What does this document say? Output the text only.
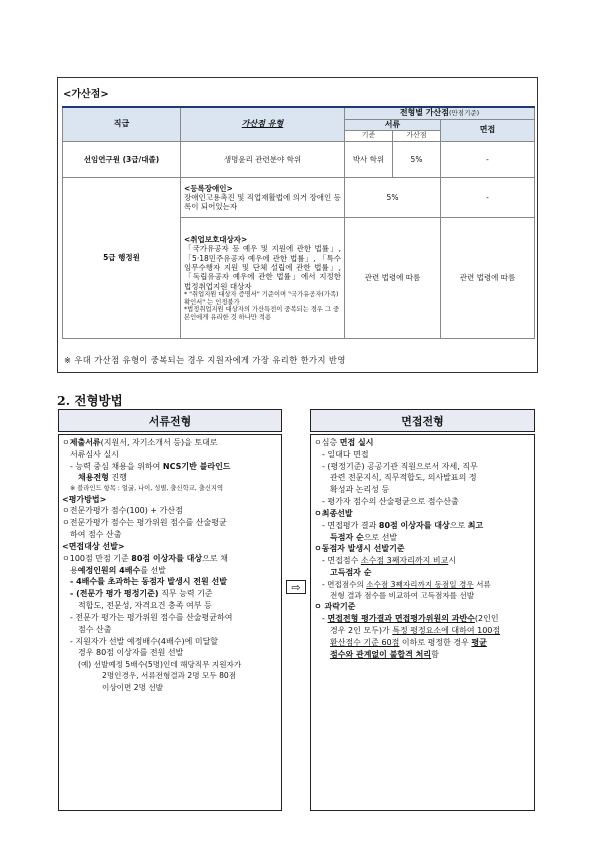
<가산점>
직급	가산점 유형	전형별 가산점(만점기준)		
		서류		면접
		기준	가산점	
선임연구원 (3급/대졸)	생명윤리 관련분야 학위	박사 학위	5%	-
5급 행정원	<등록장애인>
장애인고용촉진 및 직업재활법에 의거 장애인 등록이 되어있는자	5%		-

	<취업보호대상자>
「국가유공자 등 예우 및 지원에 관한 법률」, 「5·18민주유공자 예우에 관한 법률」, 「특수임무수행자 지원 및 단체 설립에 관한 법률」, 「독립유공자 예우에 관한 법률」에서 지정한 법정취업지원 대상자
* "취업지원 대상자 증명서" 기준이며 "국가유공자(가족) 확인서" 는 인정불가
*법정취업지원 대상자의 가산특전이 중복되는 경우 그 중 본인에게 유리한 것 하나만 적용	관련 법령에 따름		관련 법령에 따름
※ 우대 가산점 유형이 중복되는 경우 지원자에게 가장 유리한 한가지 반영
2. 전형방법
서류전형	면접전형
⇨
ㅇ제출서류(지원서, 자기소개서 등)을 토대로
서류심사 실시
- 능력 중심 채용을 위하여 NCS기반 블라인드
채용전형 진행
※ 블라인드 항목 : 얼굴, 나이, 성별, 출신학교, 출신지역
<평가방법>
ㅇ전문가평가 점수(100) + 가산점
ㅇ전문가평가 점수는 평가위원 점수를 산술평균
하여 점수 산출
<면접대상 선발>
ㅇ100점 만점 기준 80점 이상자를 대상으로 채
용예정인원의 4배수를 선발
- 4배수를 초과하는 동점자 발생시 전원 선발
- (전문가 평가 평정기준) 직무 능력 기준
적합도, 전문성, 자격요건 충족 여부 등
- 전문가 평가는 평가위원 점수를 산술평균하여
점수 산출
- 지원자가 선발 예정배수(4배수)에 미달할
경우 80점 이상자를 전원 선발
(예) 선발예정 5배수(5명)인데 해당직무 지원자가
2명인경우, 서류전형결과 2명 모두 80점
이상이면 2명 선발
ㅇ심층 면접 실시
- 일대다 면접
- (평정기준) 공공기관 직원으로서 자세, 직무
관련 전문지식, 직무적합도, 의사발표의 정
확성과 논리성 등
- 평가자 점수의 산술평균으로 점수산출
ㅇ최종선발
- 면접평가 결과 80점 이상자를 대상으로 최고
득점자 순으로 선발
ㅇ동점자 발생시 선발기준
- 면접점수 소수점 3째자리까지 비교시
고득점자 순
- 면접점수의 소수점 3째자리까지 동점일 경우 서류
전형 결과 점수를 비교하여 고득점자를 선발
ㅇ 과락기준
- 면접전형 평가결과 면접평가위원의 과반수(2인인
경우 2인 모두)가 특정 평정요소에 대하여 100점
환산점수 기준 60점 이하로 평정한 경우 평균
점수와 관계없이 불합격 처리함
